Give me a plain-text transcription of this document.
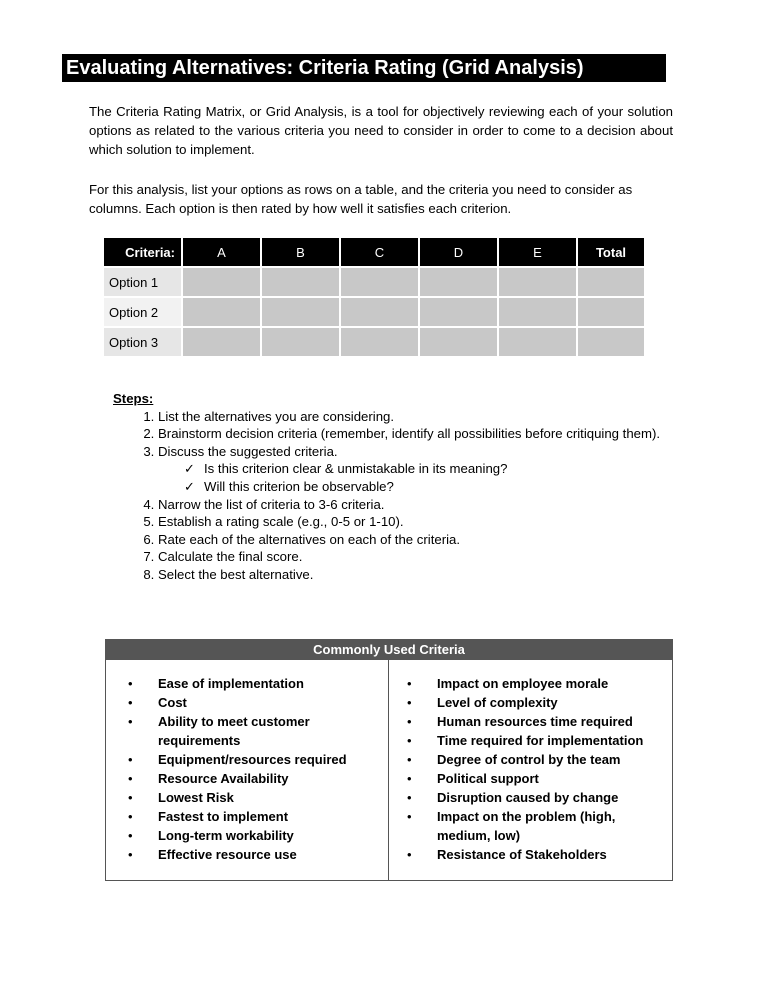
Evaluating Alternatives: Criteria Rating (Grid Analysis)
The Criteria Rating Matrix, or Grid Analysis, is a tool for objectively reviewing each of your solution options as related to the various criteria you need to consider in order to come to a decision about which solution to implement.
For this analysis, list your options as rows on a table, and the criteria you need to consider as columns. Each option is then rated by how well it satisfies each criterion.
Criteria:	A	B	C	D	E	Total
Option 1						
Option 2						
Option 3						
Steps:
1. List the alternatives you are considering.
2. Brainstorm decision criteria (remember, identify all possibilities before critiquing them).
3. Discuss the suggested criteria.
✓ Is this criterion clear & unmistakable in its meaning?
✓ Will this criterion be observable?
4. Narrow the list of criteria to 3-6 criteria.
5. Establish a rating scale (e.g., 0-5 or 1-10).
6. Rate each of the alternatives on each of the criteria.
7. Calculate the final score.
8. Select the best alternative.
Commonly Used Criteria
• Ease of implementation
• Cost
• Ability to meet customer requirements
• Equipment/resources required
• Resource Availability
• Lowest Risk
• Fastest to implement
• Long-term workability
• Effective resource use
• Impact on employee morale
• Level of complexity
• Human resources time required
• Time required for implementation
• Degree of control by the team
• Political support
• Disruption caused by change
• Impact on the problem (high, medium, low)
• Resistance of Stakeholders
